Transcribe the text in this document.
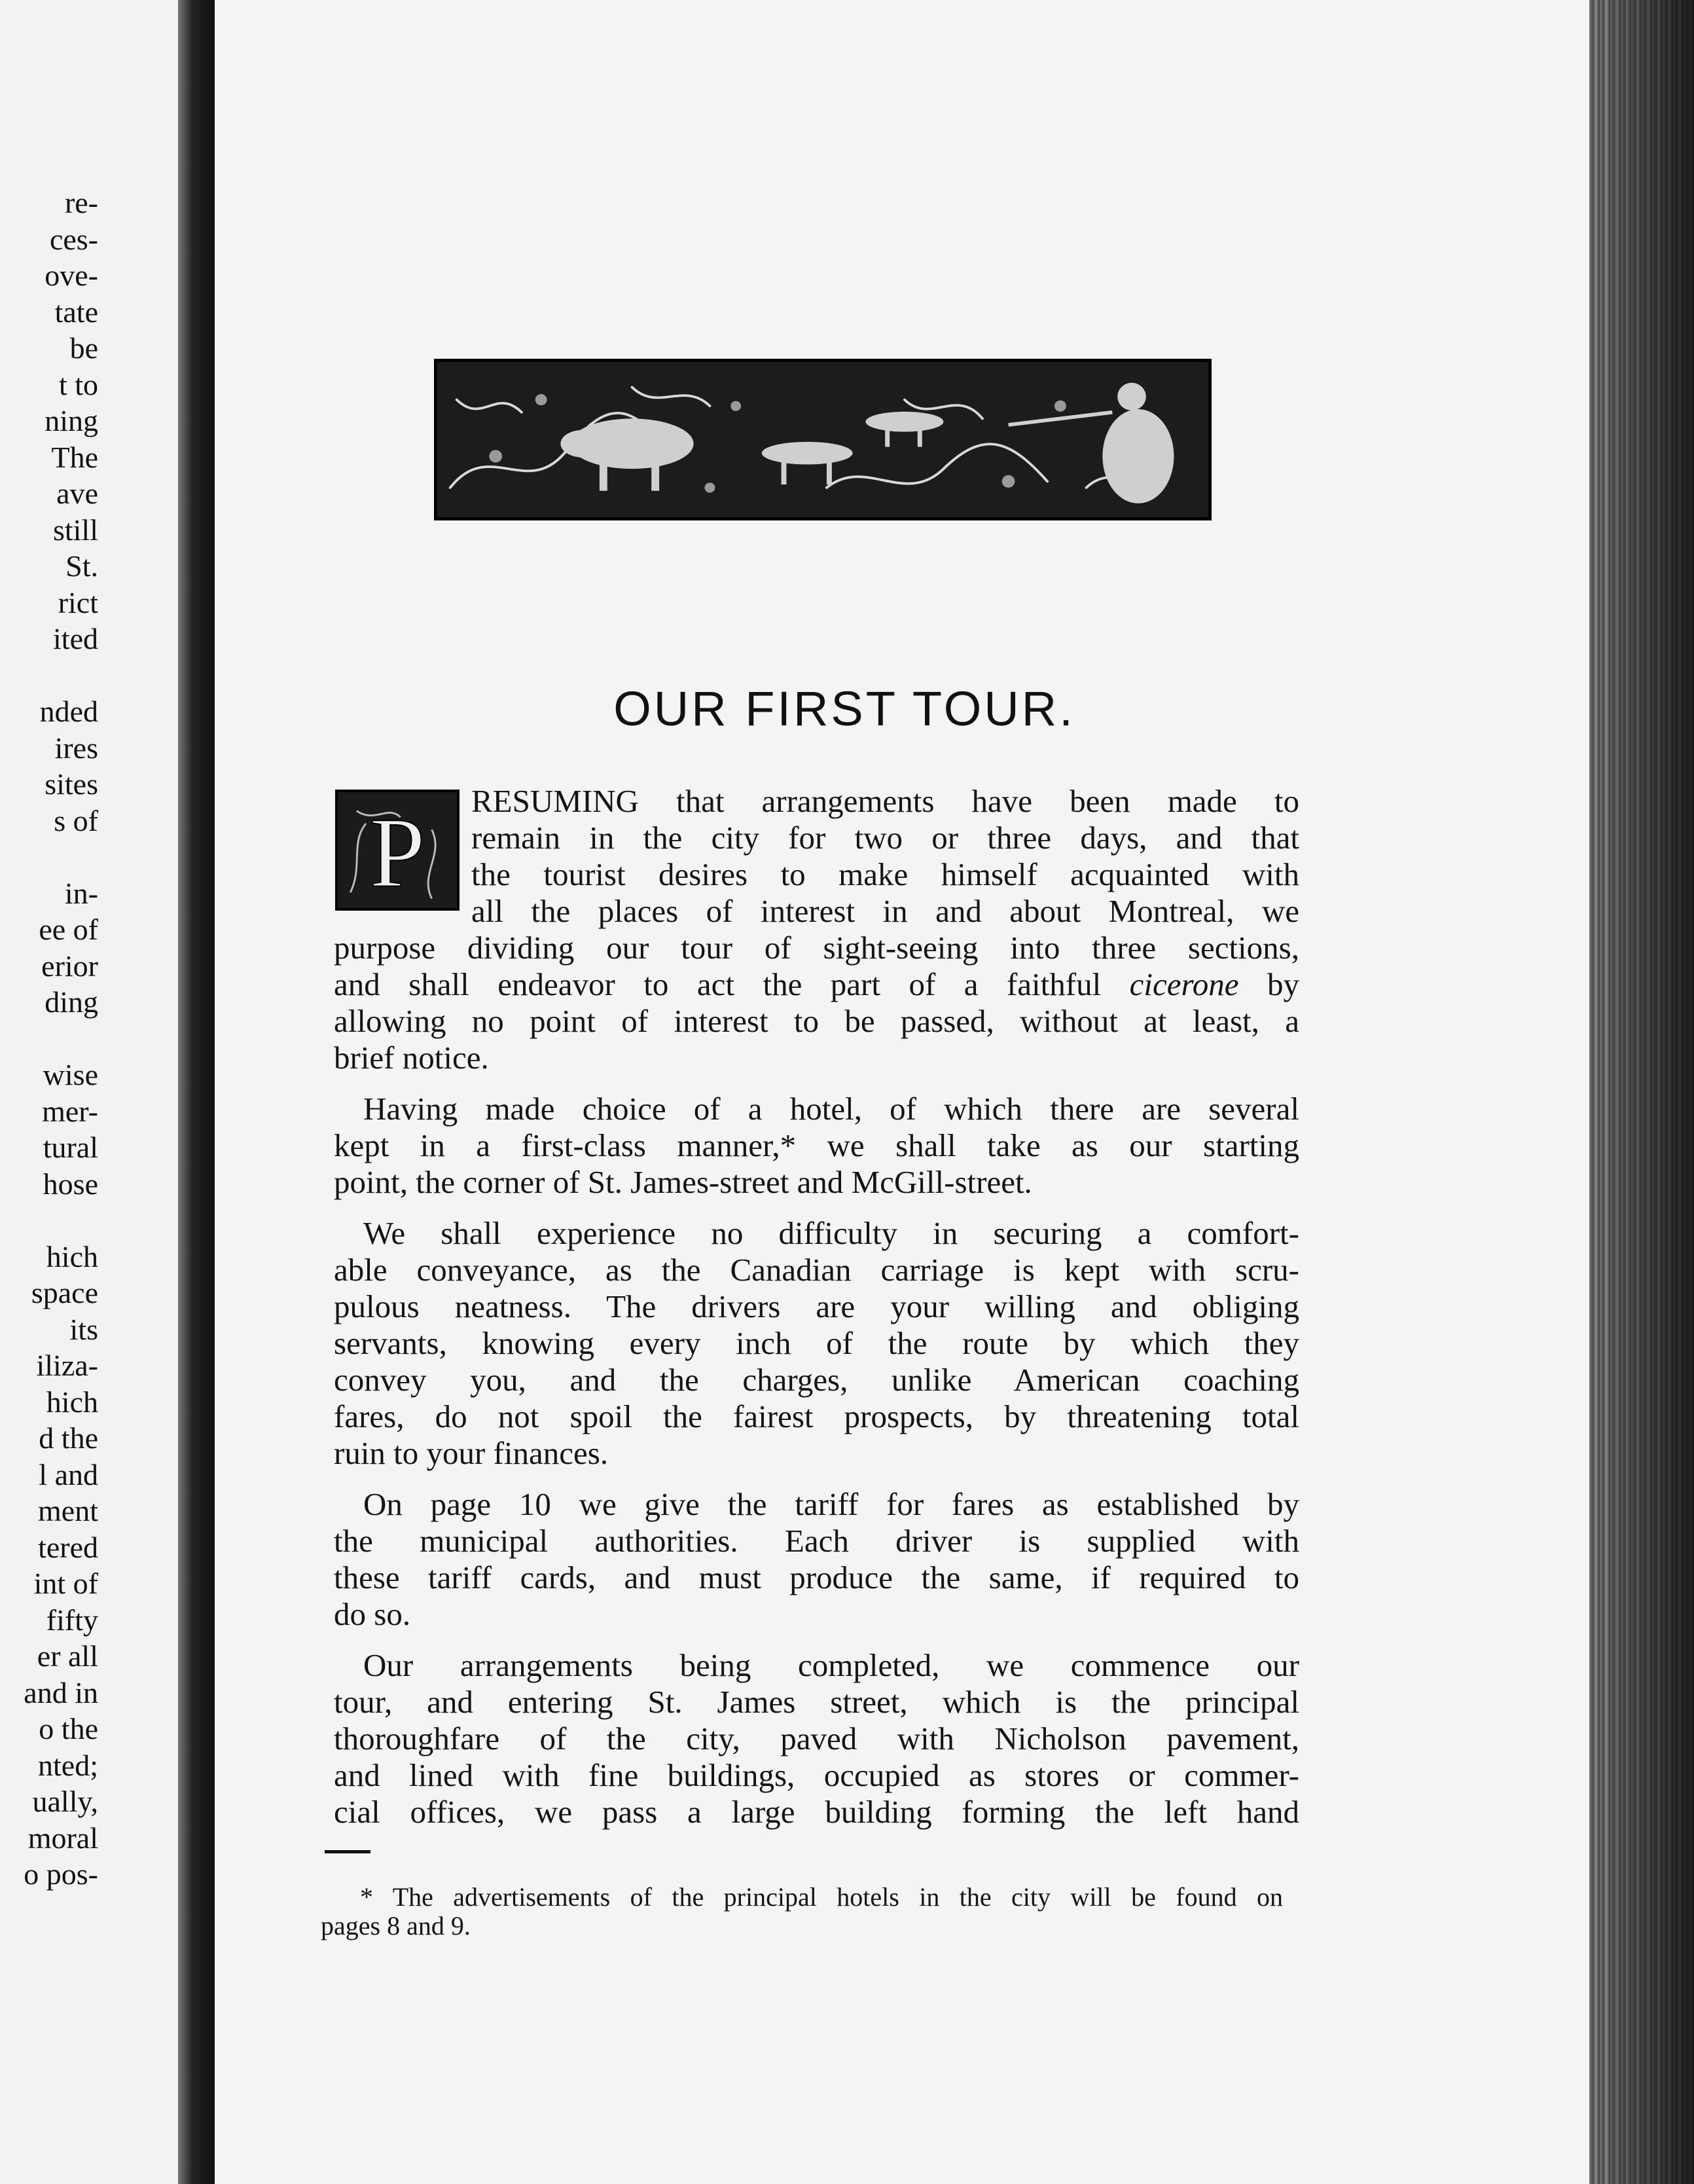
re-
ces-
ove-
tate
be
t to
ning
The
ave
still
St.
rict
ited
nded
ires
sites
s of
in-
ee of
erior
ding
wise
mer-
tural
hose
hich
space
its
iliza-
hich
d the
l and
ment
tered
int of
fifty
er all
and in
o the
nted;
ually,
moral
o pos-
OUR FIRST TOUR.
P	RESUMING that arrangements have been made to
remain in the city for two or three days, and that
the tourist desires to make himself acquainted with
all the places of interest in and about Montreal, we
purpose dividing our tour of sight-seeing into three sections,
and shall endeavor to act the part of a faithful cicerone by
allowing no point of interest to be passed, without at least, a
brief notice.
Having made choice of a hotel, of which there are several
kept in a first-class manner,* we shall take as our starting
point, the corner of St. James-street and McGill-street.
We shall experience no difficulty in securing a comfort-
able conveyance, as the Canadian carriage is kept with scru-
pulous neatness. The drivers are your willing and obliging
servants, knowing every inch of the route by which they
convey you, and the charges, unlike American coaching
fares, do not spoil the fairest prospects, by threatening total
ruin to your finances.
On page 10 we give the tariff for fares as established by
the municipal authorities. Each driver is supplied with
these tariff cards, and must produce the same, if required to
do so.
Our arrangements being completed, we commence our
tour, and entering St. James street, which is the principal
thoroughfare of the city, paved with Nicholson pavement,
and lined with fine buildings, occupied as stores or commer-
cial offices, we pass a large building forming the left hand
* The advertisements of the principal hotels in the city will be found on
pages 8 and 9.
